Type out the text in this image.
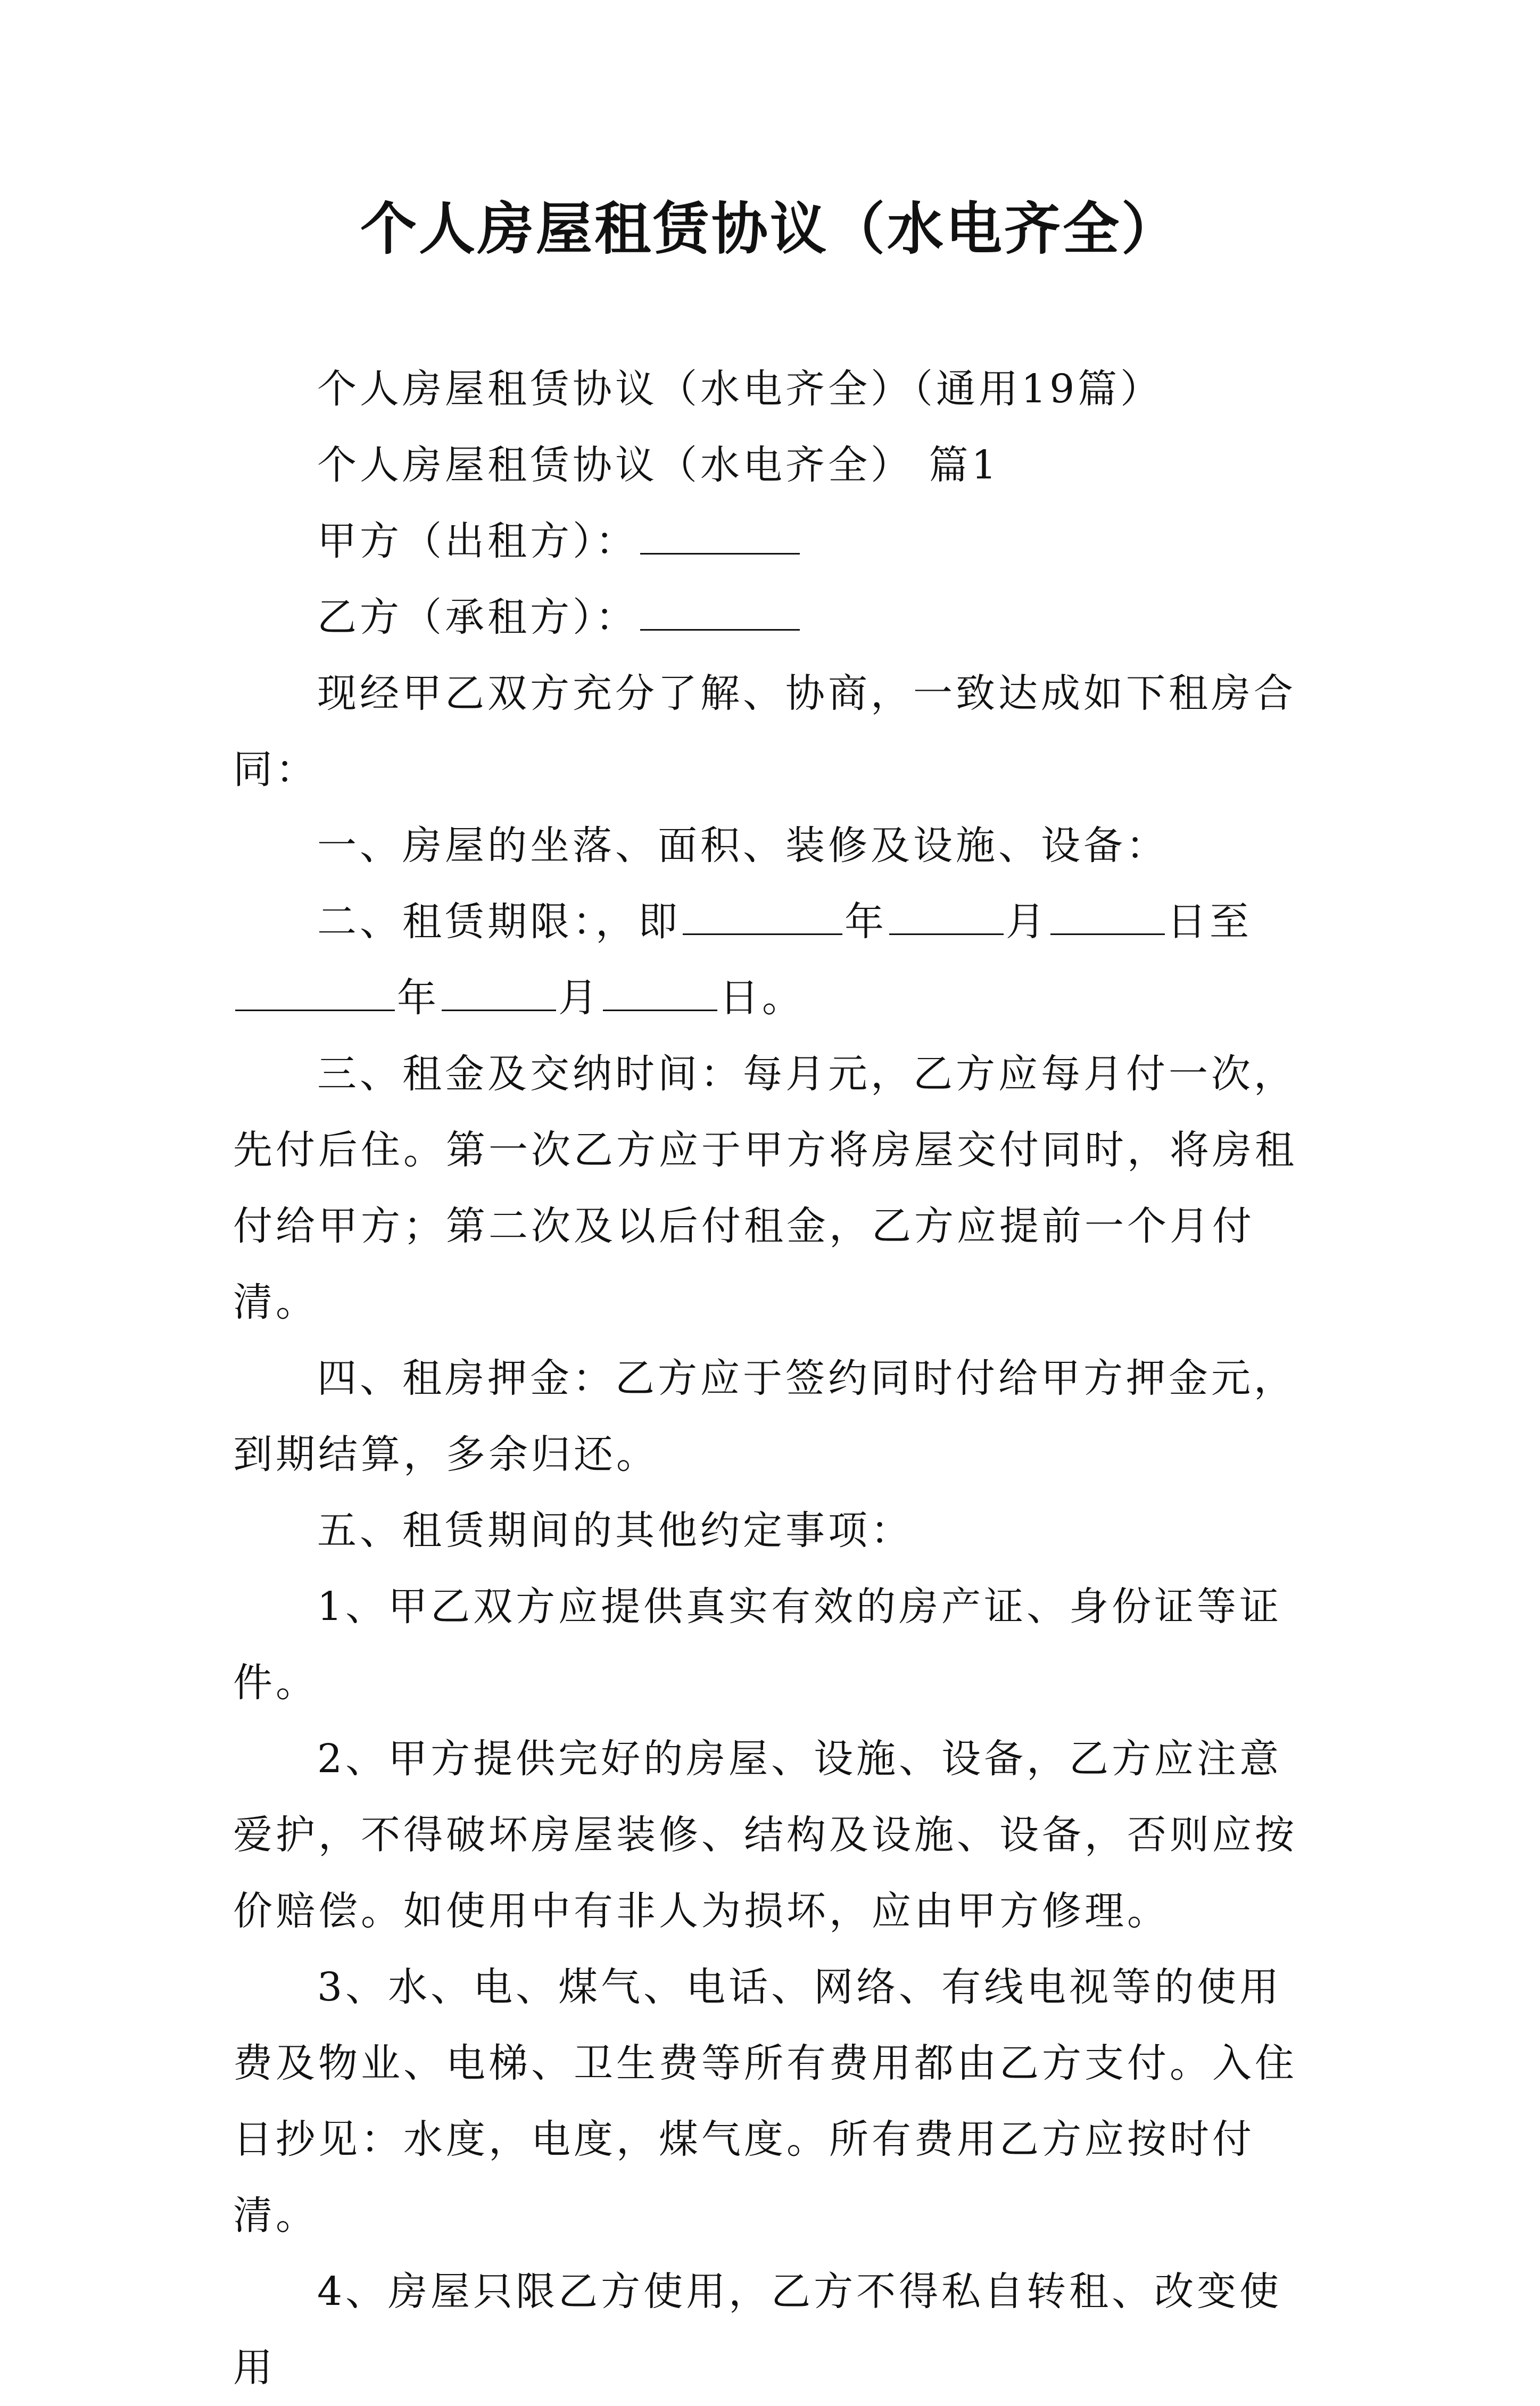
个人房屋租赁协议（水电齐全）

个人房屋租赁协议（水电齐全）（通用19篇）

个人房屋租赁协议（水电齐全） 篇1

甲方（出租方）：

乙方（承租方）：

现经甲乙双方充分了解、协商，一致达成如下租房合同：

一、房屋的坐落、面积、装修及设施、设备：

二、租赁期限：，即	年	月	日至年	月	日。

三、租金及交纳时间：每月元，乙方应每月付一次，先付后住。第一次乙方应于甲方将房屋交付同时，将房租付给甲方；第二次及以后付租金，乙方应提前一个月付清。

四、租房押金：乙方应于签约同时付给甲方押金元，到期结算，多余归还。

五、租赁期间的其他约定事项：

1、甲乙双方应提供真实有效的房产证、身份证等证件。

2、甲方提供完好的房屋、设施、设备，乙方应注意爱护，不得破坏房屋装修、结构及设施、设备，否则应按价赔偿。如使用中有非人为损坏，应由甲方修理。

3、水、电、煤气、电话、网络、有线电视等的使用费及物业、电梯、卫生费等所有费用都由乙方支付。入住日抄见：水度，电度，煤气度。所有费用乙方应按时付清。

4、房屋只限乙方使用，乙方不得私自转租、改变使用
